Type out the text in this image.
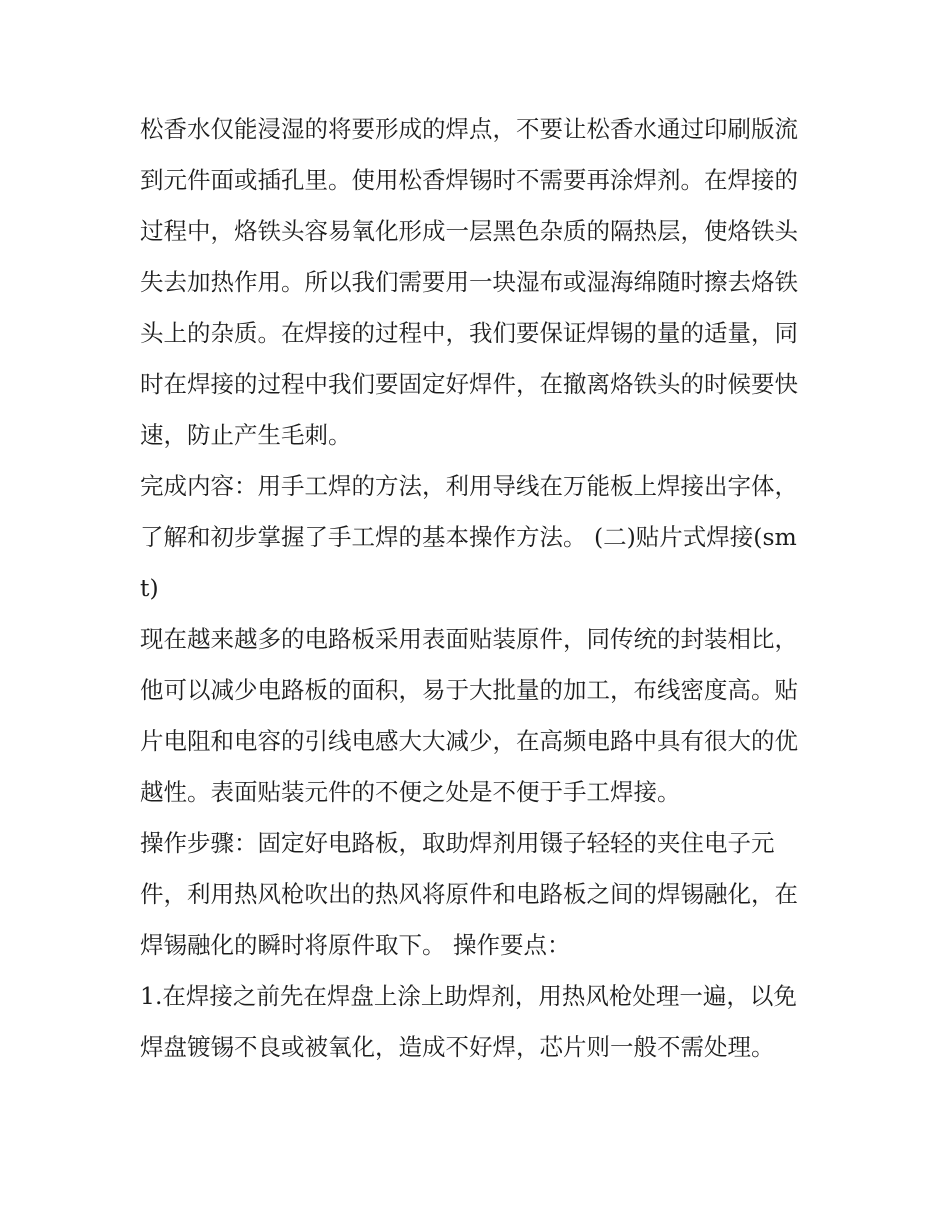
松香水仅能浸湿的将要形成的焊点，不要让松香水通过印刷版流到元件面或插孔里。使用松香焊锡时不需要再涂焊剂。在焊接的过程中，烙铁头容易氧化形成一层黑色杂质的隔热层，使烙铁头失去加热作用。所以我们需要用一块湿布或湿海绵随时擦去烙铁头上的杂质。在焊接的过程中，我们要保证焊锡的量的适量，同时在焊接的过程中我们要固定好焊件，在撤离烙铁头的时候要快速，防止产生毛刺。

完成内容：用手工焊的方法，利用导线在万能板上焊接出字体，了解和初步掌握了手工焊的基本操作方法。 (二)贴片式焊接(smt)

现在越来越多的电路板采用表面贴装原件，同传统的封装相比，他可以减少电路板的面积，易于大批量的加工，布线密度高。贴片电阻和电容的引线电感大大减少，在高频电路中具有很大的优越性。表面贴装元件的不便之处是不便于手工焊接。

操作步骤：固定好电路板，取助焊剂用镊子轻轻的夹住电子元件，利用热风枪吹出的热风将原件和电路板之间的焊锡融化，在焊锡融化的瞬时将原件取下。 操作要点：

1.在焊接之前先在焊盘上涂上助焊剂，用热风枪处理一遍，以免焊盘镀锡不良或被氧化，造成不好焊，芯片则一般不需处理。
